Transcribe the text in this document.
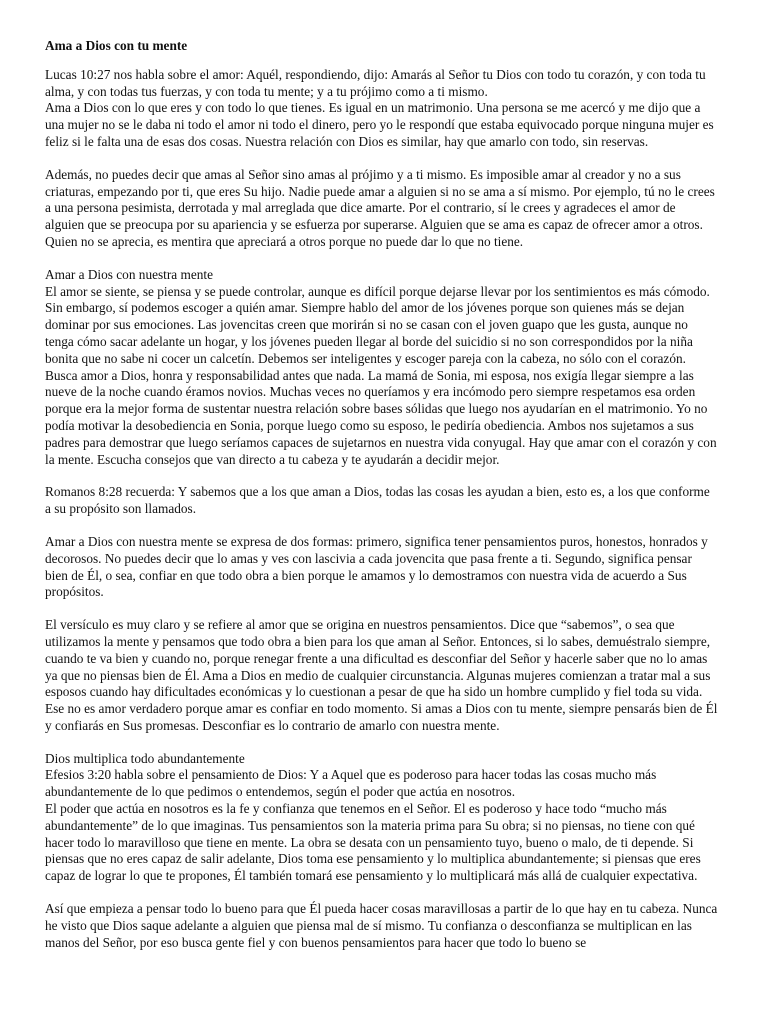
Ama a Dios con tu mente
Lucas 10:27 nos habla sobre el amor: Aquél, respondiendo, dijo: Amarás al Señor tu Dios con todo tu corazón, y con toda tu alma, y con todas tus fuerzas, y con toda tu mente; y a tu prójimo como a ti mismo.
Ama a Dios con lo que eres y con todo lo que tienes. Es igual en un matrimonio. Una persona se me acercó y me dijo que a una mujer no se le daba ni todo el amor ni todo el dinero, pero yo le respondí que estaba equivocado porque ninguna mujer es feliz si le falta una de esas dos cosas. Nuestra relación con Dios es similar, hay que amarlo con todo, sin reservas.
Además, no puedes decir que amas al Señor sino amas al prójimo y a ti mismo. Es imposible amar al creador y no a sus criaturas, empezando por ti, que eres Su hijo. Nadie puede amar a alguien si no se ama a sí mismo. Por ejemplo, tú no le crees a una persona pesimista, derrotada y mal arreglada que dice amarte. Por el contrario, sí le crees y agradeces el amor de alguien que se preocupa por su apariencia y se esfuerza por superarse. Alguien que se ama es capaz de ofrecer amor a otros. Quien no se aprecia, es mentira que apreciará a otros porque no puede dar lo que no tiene.
Amar a Dios con nuestra mente
El amor se siente, se piensa y se puede controlar, aunque es difícil porque dejarse llevar por los sentimientos es más cómodo. Sin embargo, sí podemos escoger a quién amar. Siempre hablo del amor de los jóvenes porque son quienes más se dejan dominar por sus emociones. Las jovencitas creen que morirán si no se casan con el joven guapo que les gusta, aunque no tenga cómo sacar adelante un hogar, y los jóvenes pueden llegar al borde del suicidio si no son correspondidos por la niña bonita que no sabe ni cocer un calcetín. Debemos ser inteligentes y escoger pareja con la cabeza, no sólo con el corazón. Busca amor a Dios, honra y responsabilidad antes que nada. La mamá de Sonia, mi esposa, nos exigía llegar siempre a las nueve de la noche cuando éramos novios. Muchas veces no queríamos y era incómodo pero siempre respetamos esa orden porque era la mejor forma de sustentar nuestra relación sobre bases sólidas que luego nos ayudarían en el matrimonio. Yo no podía motivar la desobediencia en Sonia, porque luego como su esposo, le pediría obediencia. Ambos nos sujetamos a sus padres para demostrar que luego seríamos capaces de sujetarnos en nuestra vida conyugal. Hay que amar con el corazón y con la mente. Escucha consejos que van directo a tu cabeza y te ayudarán a decidir mejor.
Romanos 8:28 recuerda: Y sabemos que a los que aman a Dios, todas las cosas les ayudan a bien, esto es, a los que conforme a su propósito son llamados.
Amar a Dios con nuestra mente se expresa de dos formas: primero, significa tener pensamientos puros, honestos, honrados y decorosos. No puedes decir que lo amas y ves con lascivia a cada jovencita que pasa frente a ti. Segundo, significa pensar bien de Él, o sea, confiar en que todo obra a bien porque le amamos y lo demostramos con nuestra vida de acuerdo a Sus propósitos.
El versículo es muy claro y se refiere al amor que se origina en nuestros pensamientos. Dice que “sabemos”, o sea que utilizamos la mente y pensamos que todo obra a bien para los que aman al Señor. Entonces, si lo sabes, demuéstralo siempre, cuando te va bien y cuando no, porque renegar frente a una dificultad es desconfiar del Señor y hacerle saber que no lo amas ya que no piensas bien de Él. Ama a Dios en medio de cualquier circunstancia. Algunas mujeres comienzan a tratar mal a sus esposos cuando hay dificultades económicas y lo cuestionan a pesar de que ha sido un hombre cumplido y fiel toda su vida. Ese no es amor verdadero porque amar es confiar en todo momento. Si amas a Dios con tu mente, siempre pensarás bien de Él y confiarás en Sus promesas. Desconfiar es lo contrario de amarlo con nuestra mente.
Dios multiplica todo abundantemente
Efesios 3:20 habla sobre el pensamiento de Dios: Y a Aquel que es poderoso para hacer todas las cosas mucho más abundantemente de lo que pedimos o entendemos, según el poder que actúa en nosotros.
El poder que actúa en nosotros es la fe y confianza que tenemos en el Señor. El es poderoso y hace todo “mucho más abundantemente” de lo que imaginas. Tus pensamientos son la materia prima para Su obra; si no piensas, no tiene con qué hacer todo lo maravilloso que tiene en mente. La obra se desata con un pensamiento tuyo, bueno o malo, de ti depende. Si piensas que no eres capaz de salir adelante, Dios toma ese pensamiento y lo multiplica abundantemente; si piensas que eres capaz de lograr lo que te propones, Él también tomará ese pensamiento y lo multiplicará más allá de cualquier expectativa.
Así que empieza a pensar todo lo bueno para que Él pueda hacer cosas maravillosas a partir de lo que hay en tu cabeza. Nunca he visto que Dios saque adelante a alguien que piensa mal de sí mismo. Tu confianza o desconfianza se multiplican en las manos del Señor, por eso busca gente fiel y con buenos pensamientos para hacer que todo lo bueno se
